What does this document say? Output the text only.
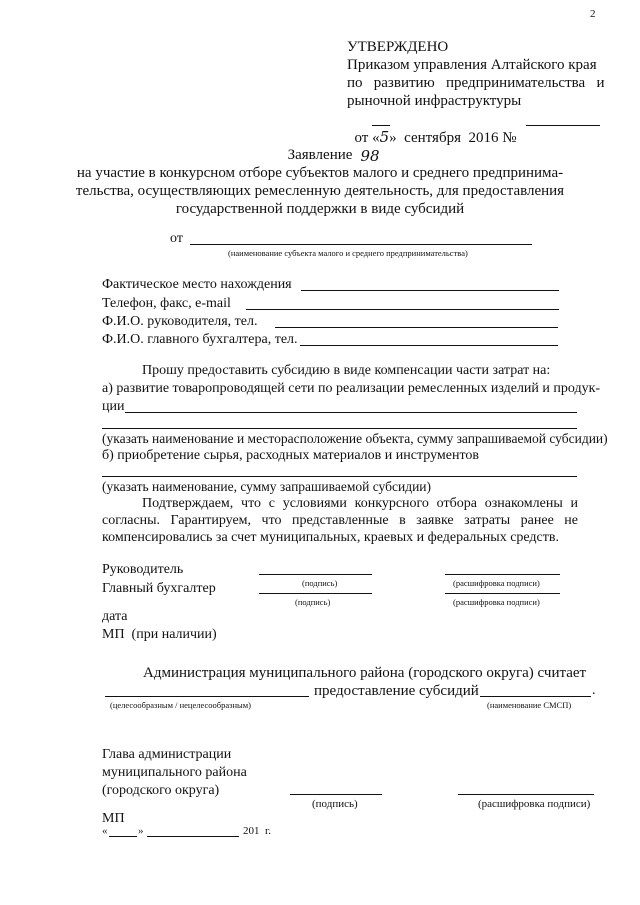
2
УТВЕРЖДЕНО
Приказом управления Алтайского края
по   развитию   предпринимательства   и
рыночной инфраструктуры

от «5»  сентября  2016 №
98

Заявление
на участие в конкурсном отборе субъектов малого и среднего предпринима-
тельства, осуществляющих ремесленную деятельность, для предоставления
государственной поддержки в виде субсидий
от
(наименование субъекта малого и среднего предпринимательства)
Фактическое место нахождения
Телефон, факс, e-mail
Ф.И.О. руководителя, тел.
Ф.И.О. главного бухгалтера, тел.
Прошу предоставить субсидию в виде компенсации части затрат на:
а) развитие товаропроводящей сети по реализации ремесленных изделий и продук-
ции
(указать наименование и месторасположение объекта, сумму запрашиваемой субсидии)
б) приобретение сырья, расходных материалов и инструментов
(указать наименование, сумму запрашиваемой субсидии)
Подтверждаем, что с условиями конкурсного отбора ознакомлены и согласны. Гарантируем, что представленные в заявке затраты ранее не компенсировались за счет муниципальных, краевых и федеральных средств.
Руководитель
(подпись)	(расшифровка подписи)
Главный бухгалтер
(подпись)	(расшифровка подписи)
дата
МП  (при наличии)
Администрация муниципального района (городского округа) считает
предоставление субсидий	.
(целесообразным / нецелесообразным)	(наименование СМСП)
Глава администрации
муниципального района
(городского округа)
(подпись)	(расшифровка подписи)
МП
«	»	201  г.
